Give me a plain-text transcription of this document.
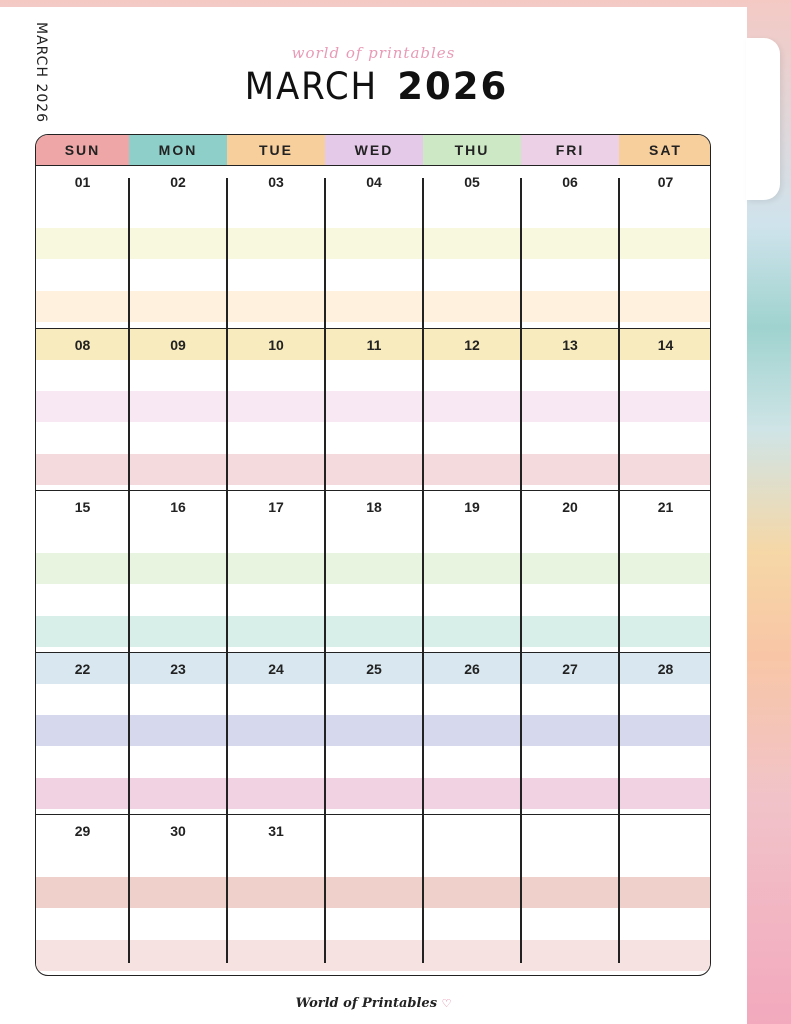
world of printables
MARCH 2026
SUN	MON	TUE	WED	THU	FRI	SAT
01	02	03	04	05	06	07
08	09	10	11	12	13	14
15	16	17	18	19	20	21
22	23	24	25	26	27	28
29	30	31
World of Printables ♡
MARCH 2026
